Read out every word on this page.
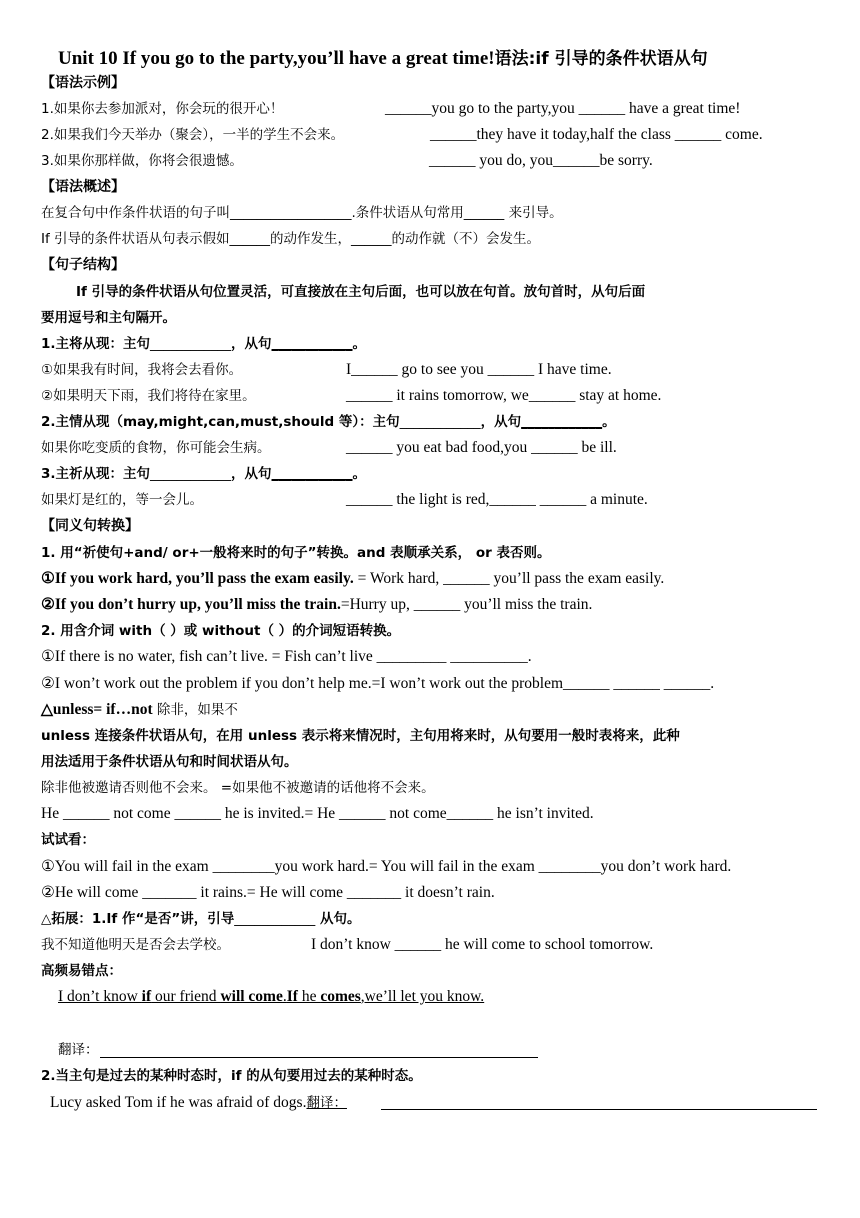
Unit 10 If you go to the party,you’ll have a great time!语法:if 引导的条件状语从句
【语法示例】
1.如果你去参加派对，你会玩的很开心！	______you go to the party,you ______ have a great time!
2.如果我们今天举办（聚会），一半的学生不会来。	______they have it today,half the class ______ come.
3.如果你那样做，你将会很遗憾。	______ you do, you______be sorry.
【语法概述】
在复合句中作条件状语的句子叫__________________.条件状语从句常用______ 来引导。
If 引导的条件状语从句表示假如______的动作发生，______的动作就（不）会发生。
【句子结构】
If 引导的条件状语从句位置灵活，可直接放在主句后面，也可以放在句首。放句首时，从句后面
要用逗号和主句隔开。
1.主将从现：主句____________，从句____________。
①如果我有时间，我将会去看你。	I______ go to see you ______ I have time.
②如果明天下雨，我们将待在家里。	______ it rains tomorrow, we______ stay at home.
2.主情从现（may,might,can,must,should 等）：主句____________，从句____________。
如果你吃变质的食物，你可能会生病。	______ you eat bad food,you ______ be ill.
3.主祈从现：主句____________，从句____________。
如果灯是红的，等一会儿。	______ the light is red,______ ______ a minute.
【同义句转换】
1. 用“祈使句+and/ or+一般将来时的句子”转换。and 表顺承关系， or 表否则。
①If you work hard, you’ll pass the exam easily. = Work hard, ______ you’ll pass the exam easily.
②If you don’t hurry up, you’ll miss the train.=Hurry up, ______ you’ll miss the train.
2. 用含介词 with（ ）或 without（ ）的介词短语转换。
①If there is no water, fish can’t live. = Fish can’t live _________ __________.
②I won’t work out the problem if you don’t help me.=I won’t work out the problem______ ______ ______.
△unless= if…not 除非，如果不
unless 连接条件状语从句，在用 unless 表示将来情况时，主句用将来时，从句要用一般时表将来，此种
用法适用于条件状语从句和时间状语从句。
除非他被邀请否则他不会来。 =如果他不被邀请的话他将不会来。
He ______ not come ______ he is invited.= He ______ not come______ he isn’t invited.
试试看：
①You will fail in the exam ________you work hard.= You will fail in the exam ________you don’t work hard.
②He will come _______ it rains.= He will come _______ it doesn’t rain.
△拓展：1.If 作“是否”讲，引导____________ 从句。
我不知道他明天是否会去学校。	I don’t know ______ he will come to school tomorrow.
高频易错点：
I don’t know if our friend will come.If he comes,we’ll let you know.
翻译：
2.当主句是过去的某种时态时，if 的从句要用过去的某种时态。
Lucy asked Tom if he was afraid of dogs.翻译：
